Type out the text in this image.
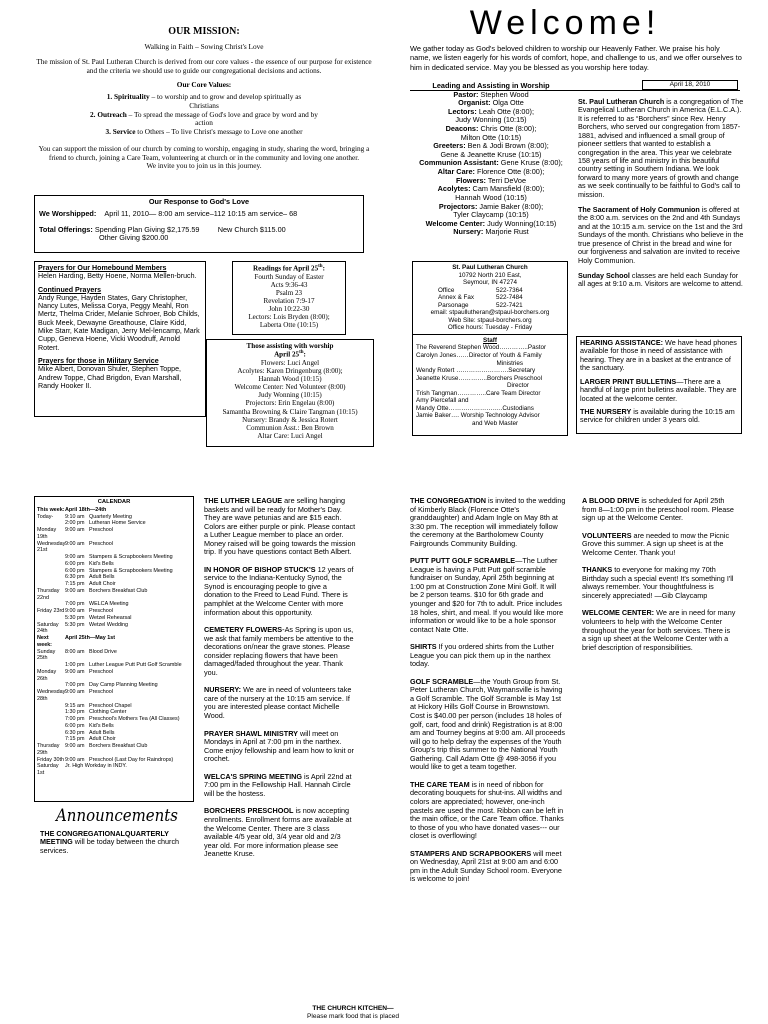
OUR MISSION:
Walking in Faith – Sowing Christ's Love
The mission of St. Paul Lutheran Church is derived from our core values - the essence of our purpose for existence and the criteria we should use to guide our congregational decisions and actions.
Our Core Values:
1. Spirituality – to worship and to grow and develop spiritually as Christians
2. Outreach – To spread the message of God's love and grace by word and by action
3. Service to Others – To live Christ's message to Love one another
You can support the mission of our church by coming to worship, engaging in study, sharing the word, bringing a friend to church, joining a Care Team, volunteering at church or in the community and loving one another.
We invite you to join us in this journey.
Our Response to God's Love
We Worshipped: April 11, 2010— 8:00 am service–112 10:15 am service– 68
Total Offerings: Spending Plan Giving $2,175.59	New Church $115.00
Other Giving $200.00
Prayers for Our Homebound Members
Helen Harding, Betty Hoene, Norma Mellen-bruch.
Continued Prayers
Andy Runge, Hayden States, Gary Christopher, Nancy Lutes, Melissa Corya, Peggy Meahl, Ron Mertz, Thelma Crider, Melanie Schroer, Bob Childs, Buck Meek, Dewayne Greathouse, Claire Kidd, Mike Starr, Kate Madigan, Jerry Mel-lencamp, Mark Cupp, Geneva Hoene, Vicki Woodruff, Arnold Rotert.
Prayers for those in Military Service
Mike Albert, Donovan Shuler, Stephen Toppe, Andrew Toppe, Chad Brigdon, Evan Marshall, Randy Hooker II.
Readings for April 25th:
Fourth Sunday of Easter
Acts 9:36-43
Psalm 23
Revelation 7:9-17
John 10:22-30
Lectors: Lois Bryden (8:00);
Laberta Otte (10:15)
Those assisting with worship
April 25th:
Flowers: Luci Angel
Acolytes: Karen Dringenburg (8:00);
Hannah Wood (10:15)
Welcome Center: Ned Volunteer (8:00)
Judy Wonning (10:15)
Projectors: Erin Engelau (8:00)
Samantha Browning & Claire Tangman (10:15)
Nursery: Brandy & Jessica Rotert
Communion Asst.: Ben Brown
Altar Care: Luci Angel
Welcome!
We gather today as God's beloved children to worship our Heavenly Father. We praise his holy name, we listen eagerly for his words of comfort, hope, and challenge to us, and we offer ourselves to him in dedicated service. May you be blessed as you worship here today.
April 18, 2010
Leading and Assisting in Worship
Pastor: Stephen Wood
Organist: Olga Otte
Lectors: Leah Otte (8:00);
Judy Wonning (10:15)
Deacons: Chris Otte (8:00);
Milton Otte (10:15)
Greeters: Ben & Jodi Brown (8:00);
Gene & Jeanette Kruse (10:15)
Communion Assistant: Gene Kruse (8:00);
Altar Care: Florence Otte (8:00);
Flowers: Terri DeVoe
Acolytes: Cam Mansfield (8:00);
Hannah Wood (10:15)
Projectors: Jamie Baker (8:00);
Tyler Claycamp (10:15)
Welcome Center: Judy Wonning(10:15)
Nursery: Marjorie Rust
St. Paul Lutheran Church
10792 North 210 East,
Seymour, IN 47274
Office	522-7364
Annex & Fax	522-7484
Parsonage	522-7421
email: stpaullutheran@stpaul-borchers.org
Web Site: stpaul-borchers.org
Office hours: Tuesday - Friday
Staff
The Reverend Stephen Wood…………..Pastor
Carolyn Jones……Director of Youth & Family
Ministries
Wendy Rotert …………………….Secretary
Jeanette Kruse…………..Borchers Preschool
Director
Trish Tangman…………..Care Team Director
Amy Piercefall and
Mandy Otte……………………..Custodians
Jamie Baker…. Worship Technology Advisor
and Web Master
St. Paul Lutheran Church is a congregation of The Evangelical Lutheran Church in America (E.L.C.A.). It is referred to as “Borchers” since Rev. Henry Borchers, who served our congregation from 1857-1881, advised and influenced a small group of pioneer settlers that wanted to establish a congregation in the area. This year we celebrate 158 years of life and ministry in this beautiful country setting in Southern Indiana. We look forward to many more years of growth and change as we seek continually to be faithful to God's call to mission.
The Sacrament of Holy Communion is offered at the 8:00 a.m. services on the 2nd and 4th Sundays and at the 10:15 a.m. service on the 1st and the 3rd Sundays of the month. Christians who believe in the true presence of Christ in the bread and wine for our forgiveness and salvation are invited to receive Holy Communion.
Sunday School classes are held each Sunday for all ages at 9:10 a.m. Visitors are welcome to attend.
HEARING ASSISTANCE: We have head phones available for those in need of assistance with hearing. They are in a basket at the entrance of the sanctuary.
LARGER PRINT BULLETINS—There are a handful of large print bulletins available. They are located at the welcome center.
THE NURSERY is available during the 10:15 am service for children under 3 years old.
CALENDAR
This week: April 18th—24th
Today-	9:10 am Quarterly Meeting
2:00 pm Lutheran Home Service
Monday 19th
9:00 am Preschool
Wednesday 21st
9:00 am Preschool
9:00 am Stampers & Scrapbookers Meeting
6:00 pm Kid's Bells
6:00 pm Stampers & Scrapbookers Meeting
6:30 pm Adult Bells
7:15 pm Adult Choir
Thursday 22nd
9:00 am Borchers Breakfast Club
7:00 pm WELCA Meeting
Friday 23rd 9:00 am Preschool
5:30 pm Wetzel Rehearsal
Saturday 24th
5:30 pm Wetzel Wedding
Next week:
April 25th—May 1st
Sunday 25th
8:00 am Blood Drive
1:00 pm Luther League Putt Putt Golf Scramble
Monday 26th
9:00 am Preschool
7:00 pm Day Camp Planning Meeting
Wednesday 28th
9:00 am Preschool
9:15 am Preschool Chapel
1:30 pm Clothing Center
7:00 pm Preschool's Mothers Tea (All Classes)
6:00 pm Kid's Bells
6:30 pm Adult Bells
7:15 pm Adult Choir
Thursday 29th
9:00 am Borchers Breakfast Club
Friday 30th 9:00 am Preschool (Last Day for Raindrops)
Saturday 1st
Jr. High Workday in INDY.
Announcements
THE CONGREGATIONALQUARTERLY MEETING will be today between the church services.
THE LUTHER LEAGUE are selling hanging baskets and will be ready for Mother's Day. They are wave petunias and are $15 each. Colors are either purple or pink. Please contact a Luther League member to place an order. Money raised will be going towards the mission trip. If you have questions contact Beth Albert.
IN HONOR OF BISHOP STUCK'S 12 years of service to the Indiana-Kentucky Synod, the Synod is encouraging people to give a donation to the Freed to Lead Fund. There is pamphlet at the Welcome Center with more information about this opportunity.
CEMETERY FLOWERS-As Spring is upon us, we ask that family members be attentive to the decorations on/near the grave stones. Please consider replacing flowers that have been damaged/faded throughout the year. Thank you.
NURSERY: We are in need of volunteers take care of the nursery at the 10:15 am service. If you are interested please contact Michelle Wood.
PRAYER SHAWL MINISTRY will meet on Mondays in April at 7:00 pm in the narthex. Come enjoy fellowship and learn how to knit or crochet.
WELCA'S SPRING MEETING is April 22nd at 7:00 pm in the Fellowship Hall. Hannah Circle will be the hostess.
BORCHERS PRESCHOOL is now accepting enrollments. Enrollment forms are available at the Welcome Center. There are 3 class available 4/5 year old, 3/4 year old and 2/3 year old. For more information please see Jeanette Kruse.
THE CONGREGATION is invited to the wedding of Kimberly Black (Florence Otte's granddaughter) and Adam Ingle on May 8th at 3:30 pm. The reception will immediately follow the ceremony at the Bartholomew County Fairgrounds Community Building.
PUTT PUTT GOLF SCRAMBLE—The Luther League is having a Putt Putt golf scramble fundraiser on Sunday, April 25th beginning at 1:00 pm at Construction Zone Mini Golf. It will be 2 person teams. $10 for 6th grade and younger and $20 for 7th to adult. Price includes 18 holes, shirt, and meal. If you would like more information or would like to be a hole sponsor contact Nate Otte.
SHIRTS If you ordered shirts from the Luther League you can pick them up in the narthex today.
GOLF SCRAMBLE—the Youth Group from St. Peter Lutheran Church, Waymansville is having a Golf Scramble. The Golf Scramble is May 1st at Hickory Hills Golf Course in Brownstown. Cost is $40.00 per person (includes 18 holes of golf, cart, food and drink) Registration is at 8:00 am and Tourney begins at 9:00 am. All proceeds will go to help defray the expenses of the Youth Group's trip this summer to the National Youth Gathering. Call Adam Otte @ 498-3056 if you would like to get a team together.
THE CARE TEAM is in need of ribbon for decorating bouquets for shut-ins. All widths and colors are appreciated; however, one-inch pastels are used the most. Ribbon can be left in the main office, or the Care Team office. Thanks to those of you who have donated vases--- our closet is overflowing!
STAMPERS AND SCRAPBOOKERS will meet on Wednesday, April 21st at 9:00 am and 6:00 pm in the Adult Sunday School room. Everyone is welcome to join!
A BLOOD DRIVE is scheduled for April 25th from 8—1:00 pm in the preschool room. Please sign up at the Welcome Center.
VOLUNTEERS are needed to mow the Picnic Grove this summer. A sign up sheet is at the Welcome Center. Thank you!
THANKS to everyone for making my 70th Birthday such a special event! It's something I'll always remember. Your thoughtfulness is sincerely appreciated! —Gib Claycamp
WELCOME CENTER: We are in need for many volunteers to help with the Welcome Center throughout the year for both services. There is a sign up sheet at the Welcome Center with a brief description of responsibilities.
THE CHURCH KITCHEN—
Please mark food that is placed
